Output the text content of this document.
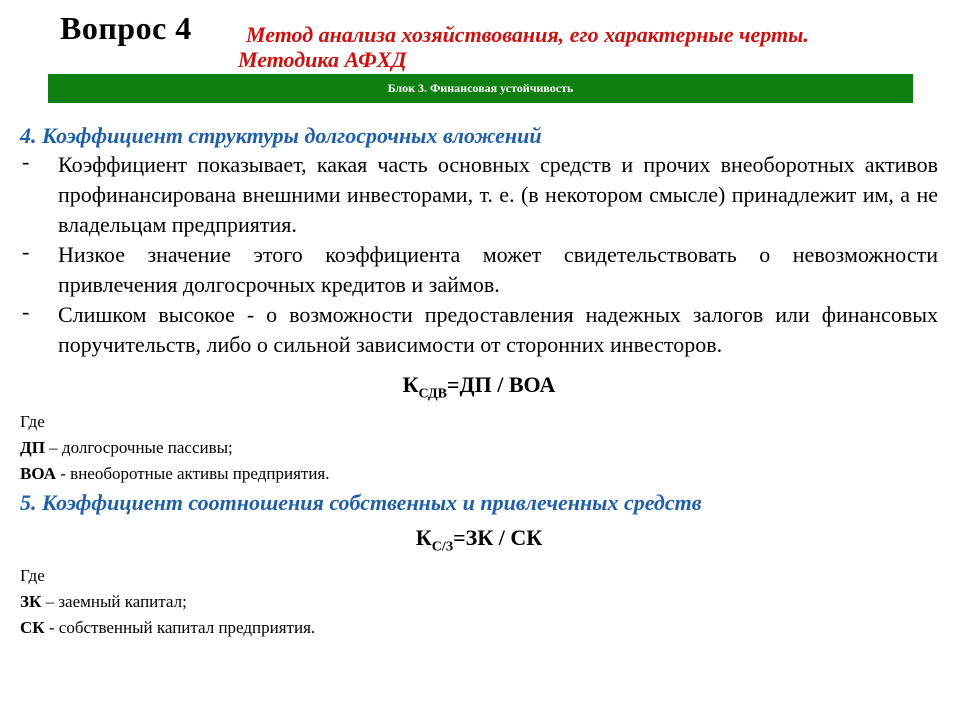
Вопрос 4 Метод анализа хозяйствования, его характерные черты.
Методика АФХД
Блок 3. Финансовая устойчивость

4. Коэффициент структуры долгосрочных вложений

- Коэффициент показывает, какая часть основных средств и прочих внеоборотных активов профинансирована внешними инвесторами, т. е. (в некотором смысле) принадлежит им, а не владельцам предприятия.
- Низкое значение этого коэффициента может свидетельствовать о невозможности привлечения долгосрочных кредитов и займов.
- Слишком высокое - о возможности предоставления надежных залогов или финансовых поручительств, либо о сильной зависимости от сторонних инвесторов.
$К_{СДВ}=ДП$ / ВОА
Где
ДП – долгосрочные пассивы;
ВОА - внеоборотные активы предприятия.

5. Коэффициент соотношения собственных и привлеченных средств

$К_{С/З}=ЗК$ / СК
Где
ЗК – заемный капитал;
СК - собственный капитал предприятия.
